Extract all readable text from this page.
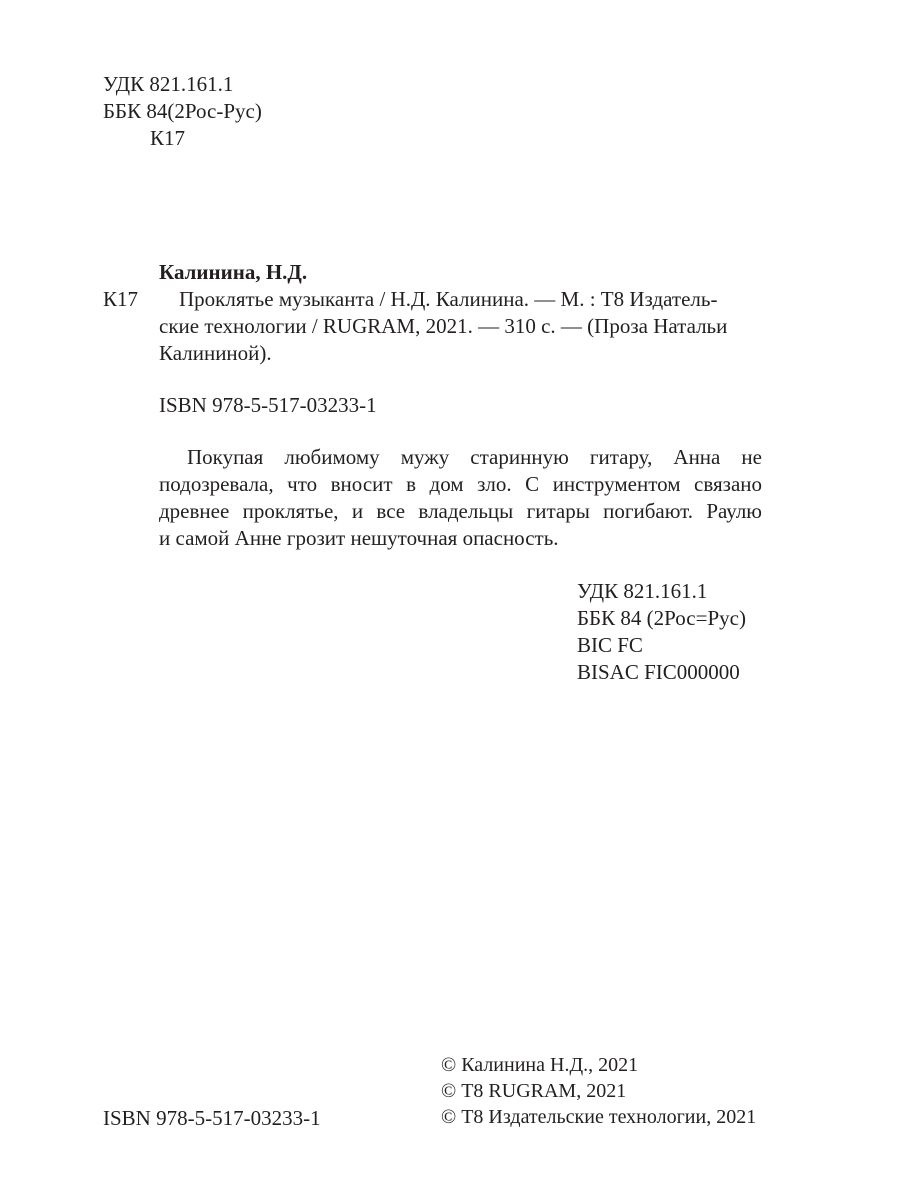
УДК 821.161.1
ББК 84(2Рос-Рус)
К17
Калинина, Н.Д.
К17 Проклятье музыканта / Н.Д. Калинина. — М. : Т8 Издатель-
ские технологии / RUGRAM, 2021. — 310 с. — (Проза Натальи
Калининой).
ISBN 978-5-517-03233-1
Покупая любимому мужу старинную гитару, Анна не
подозревала, что вносит в дом зло. С инструментом связано
древнее проклятье, и все владельцы гитары погибают. Раулю
и самой Анне грозит нешуточная опасность.
УДК 821.161.1
ББК 84 (2Рос=Рус)
BIC FC
BISAC FIC000000
ISBN 978-5-517-03233-1
© Калинина Н.Д., 2021
© Т8 RUGRAM, 2021
© Т8 Издательские технологии, 2021
